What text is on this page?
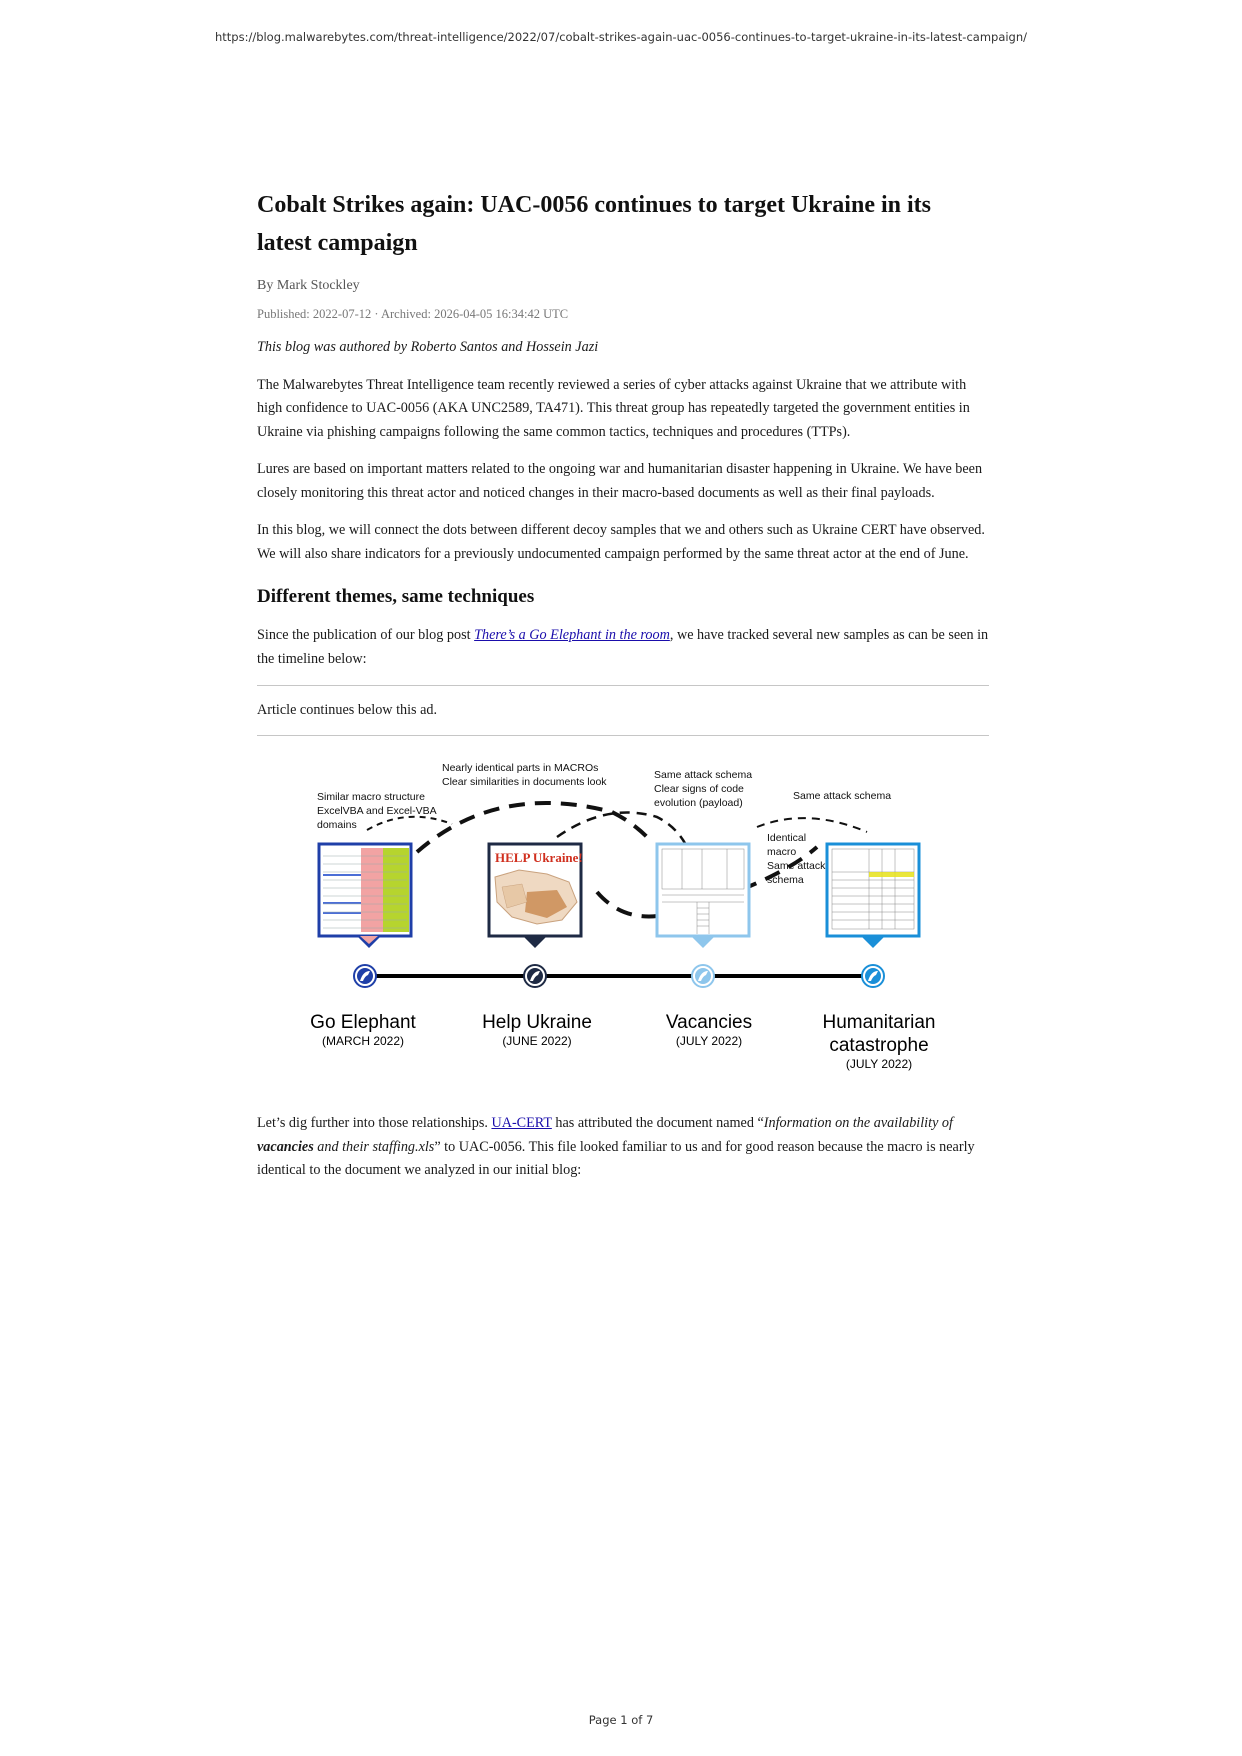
https://blog.malwarebytes.com/threat-intelligence/2022/07/cobalt-strikes-again-uac-0056-continues-to-target-ukraine-in-its-latest-campaign/
Cobalt Strikes again: UAC-0056 continues to target Ukraine in its latest campaign
By Mark Stockley
Published: 2022-07-12 · Archived: 2026-04-05 16:34:42 UTC

This blog was authored by Roberto Santos and Hossein Jazi

The Malwarebytes Threat Intelligence team recently reviewed a series of cyber attacks against Ukraine that we attribute with high confidence to UAC-0056 (AKA UNC2589, TA471). This threat group has repeatedly targeted the government entities in Ukraine via phishing campaigns following the same common tactics, techniques and procedures (TTPs).

Lures are based on important matters related to the ongoing war and humanitarian disaster happening in Ukraine. We have been closely monitoring this threat actor and noticed changes in their macro-based documents as well as their final payloads.

In this blog, we will connect the dots between different decoy samples that we and others such as Ukraine CERT have observed. We will also share indicators for a previously undocumented campaign performed by the same threat actor at the end of June.

Different themes, same techniques

Since the publication of our blog post There’s a Go Elephant in the room, we have tracked several new samples as can be seen in the timeline below:

Article continues below this ad.
Similar macro structure
ExcelVBA and Excel-VBA
domains
Nearly identical parts in MACROs
Clear similarities in documents look
Same attack schema
Clear signs of code
evolution (payload)
Same attack schema
Identical
macro
Same attack
schema
HELP Ukraine!
Go Elephant
(MARCH 2022)
Help Ukraine
(JUNE 2022)
Vacancies
(JULY 2022)
Humanitarian
catastrophe
(JULY 2022)

Let’s dig further into those relationships. UA-CERT has attributed the document named “Information on the availability of vacancies and their staffing.xls” to UAC-0056. This file looked familiar to us and for good reason because the macro is nearly identical to the document we analyzed in our initial blog:

Page 1 of 7
